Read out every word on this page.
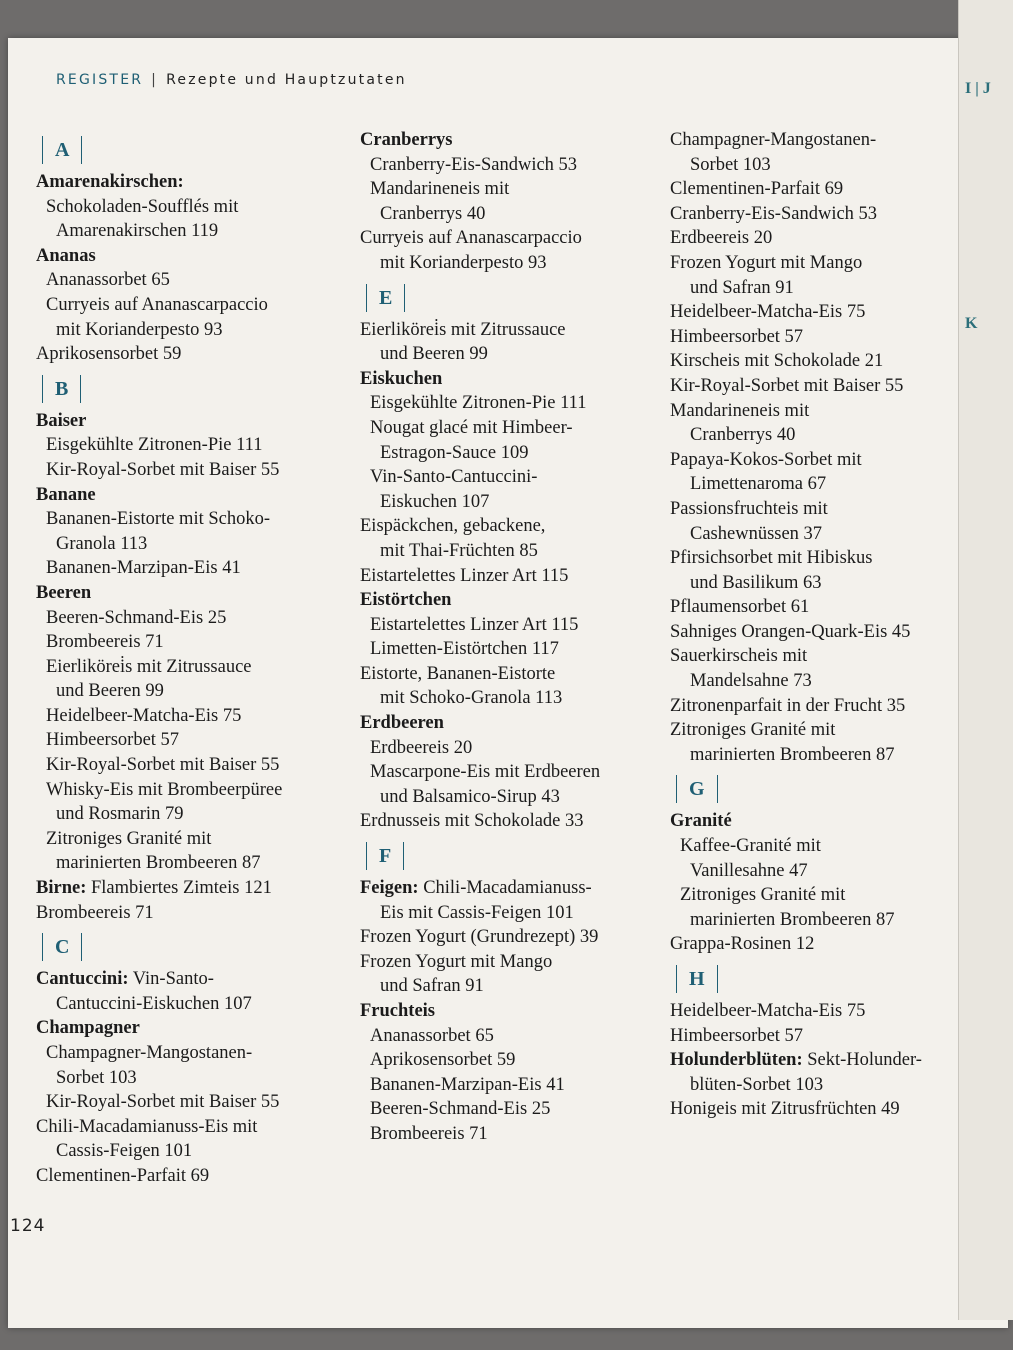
REGISTER | Rezepte und Hauptzutaten
A
Amarenakirschen:
Schokoladen-Soufflés mit
Amarenakirschen 119
Ananas
Ananassorbet 65
Curryeis auf Ananascarpaccio
mit Korianderpesto 93
Aprikosensorbet 59
B
Baiser
Eisgekühlte Zitronen-Pie 111
Kir-Royal-Sorbet mit Baiser 55
Banane
Bananen-Eistorte mit Schoko-
Granola 113
Bananen-Marzipan-Eis 41
Beeren
Beeren-Schmand-Eis 25
Brombeereis 71
Eierlikörei̇s mit Zitrussauce
und Beeren 99
Heidelbeer-Matcha-Eis 75
Himbeersorbet 57
Kir-Royal-Sorbet mit Baiser 55
Whisky-Eis mit Brombeerpüree
und Rosmarin 79
Zitroniges Granité mit
marinierten Brombeeren 87
Birne: Flambiertes Zimteis 121
Brombeereis 71
C
Cantuccini: Vin-Santo-
Cantuccini-Eiskuchen 107
Champagner
Champagner-Mangostanen-
Sorbet 103
Kir-Royal-Sorbet mit Baiser 55
Chili-Macadamianuss-Eis mit
Cassis-Feigen 101
Clementinen-Parfait 69
Cranberrys
Cranberry-Eis-Sandwich 53
Mandarineneis mit
Cranberrys 40
Curryeis auf Ananascarpaccio
mit Korianderpesto 93
E
Eierlikörei̇s mit Zitrussauce
und Beeren 99
Eiskuchen
Eisgekühlte Zitronen-Pie 111
Nougat glacé mit Himbeer-
Estragon-Sauce 109
Vin-Santo-Cantuccini-
Eiskuchen 107
Eispäckchen, gebackene,
mit Thai-Früchten 85
Eistartelettes Linzer Art 115
Eistörtchen
Eistartelettes Linzer Art 115
Limetten-Eistörtchen 117
Eistorte, Bananen-Eistorte
mit Schoko-Granola 113
Erdbeeren
Erdbeereis 20
Mascarpone-Eis mit Erdbeeren
und Balsamico-Sirup 43
Erdnusseis mit Schokolade 33
F
Feigen: Chili-Macadamianuss-
Eis mit Cassis-Feigen 101
Frozen Yogurt (Grundrezept) 39
Frozen Yogurt mit Mango
und Safran 91
Fruchteis
Ananassorbet 65
Aprikosensorbet 59
Bananen-Marzipan-Eis 41
Beeren-Schmand-Eis 25
Brombeereis 71
Champagner-Mangostanen-
Sorbet 103
Clementinen-Parfait 69
Cranberry-Eis-Sandwich 53
Erdbeereis 20
Frozen Yogurt mit Mango
und Safran 91
Heidelbeer-Matcha-Eis 75
Himbeersorbet 57
Kirscheis mit Schokolade 21
Kir-Royal-Sorbet mit Baiser 55
Mandarineneis mit
Cranberrys 40
Papaya-Kokos-Sorbet mit
Limettenaroma 67
Passionsfruchteis mit
Cashewnüssen 37
Pfirsichsorbet mit Hibiskus
und Basilikum 63
Pflaumensorbet 61
Sahniges Orangen-Quark-Eis 45
Sauerkirscheis mit
Mandelsahne 73
Zitronenparfait in der Frucht 35
Zitroniges Granité mit
marinierten Brombeeren 87
G
Granité
Kaffee-Granité mit
Vanillesahne 47
Zitroniges Granité mit
marinierten Brombeeren 87
Grappa-Rosinen 12
H
Heidelbeer-Matcha-Eis 75
Himbeersorbet 57
Holunderblüten: Sekt-Holunder-
blüten-Sorbet 103
Honigeis mit Zitrusfrüchten 49
124
I | J
K
